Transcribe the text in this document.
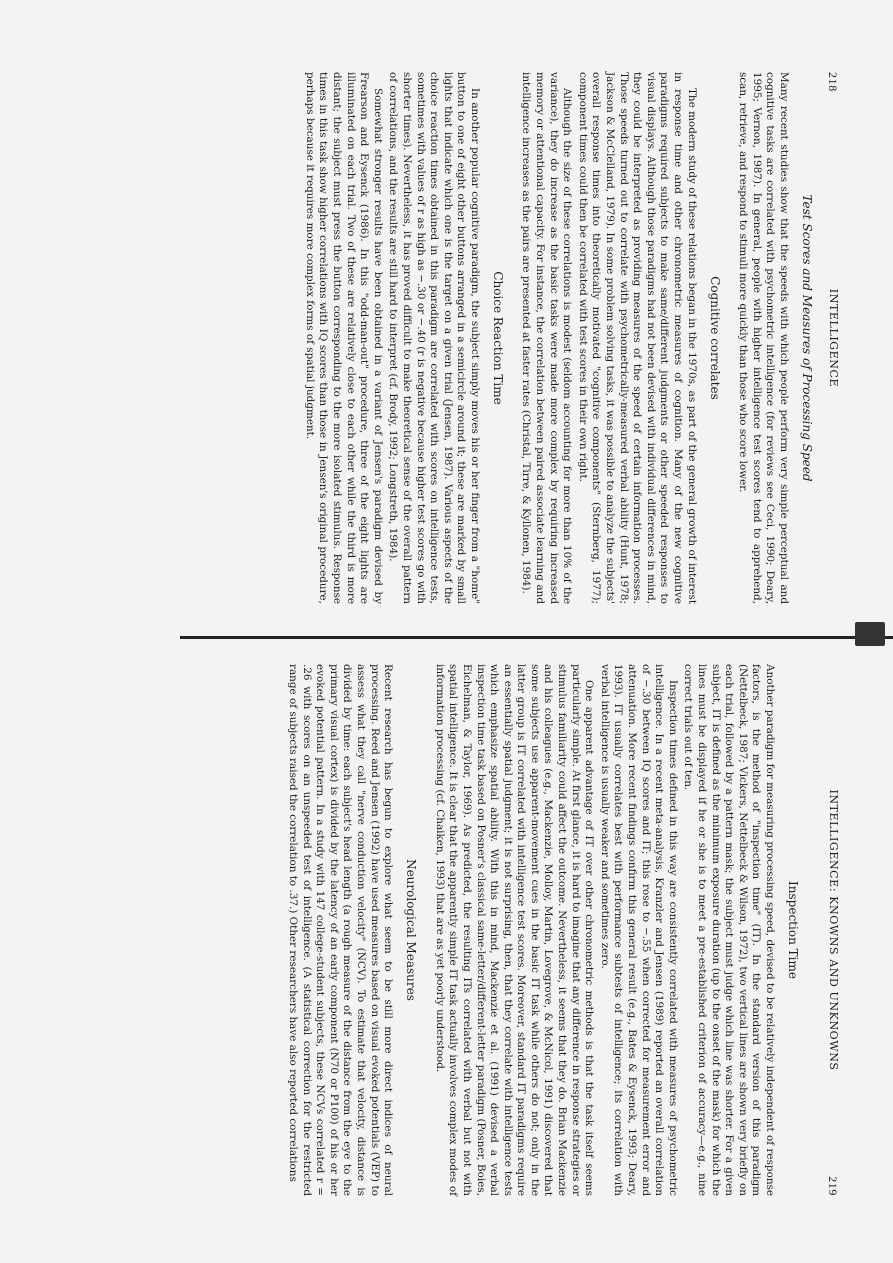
218
INTELLIGENCE
Test Scores and Measures of Processing Speed

Many recent studies show that the speeds with which people perform very simple perceptual and cognitive tasks are correlated with psychometric intelligence (for reviews see Ceci, 1990; Deary, 1995; Vernon, 1987). In general, people with higher intelligence test scores tend to apprehend, scan, retrieve, and respond to stimuli more quickly than those who score lower.

Cognitive correlates

The modern study of these relations began in the 1970s, as part of the general growth of interest in response time and other chronometric measures of cognition. Many of the new cognitive paradigms required subjects to make same/different judgments or other speeded responses to visual displays. Although those paradigms had not been devised with individual differences in mind, they could be interpreted as providing measures of the speed of certain information processes. Those speeds turned out to correlate with psychometrically-measured verbal ability (Hunt, 1978; Jackson & McClelland, 1979). In some problem solving tasks, it was possible to analyze the subjects' overall response times into theoretically motivated "cognitive components" (Sternberg, 1977); component times could then be correlated with test scores in their own right.

Although the size of these correlations is modest (seldom accounting for more than 10% of the variance), they do increase as the basic tasks were made more complex by requiring increased memory or attentional capacity. For instance, the correlation between paired associate learning and intelligence increases as the pairs are presented at faster rates (Christal, Tirre, & Kyllonen, 1984).

Choice Reaction Time

In another popular cognitive paradigm, the subject simply moves his or her finger from a "home" button to one of eight other buttons arranged in a semicircle around it; these are marked by small lights that indicate which one is the target on a given trial (Jensen, 1987). Various aspects of the choice reaction times obtained in this paradigm are correlated with scores on intelligence tests, sometimes with values of r as high as −.30 or −.40 (r is negative because higher test scores go with shorter times). Nevertheless, it has proved difficult to make theoretical sense of the overall pattern of correlations, and the results are still hard to interpret (cf. Brody, 1992; Longstreth, 1984).

Somewhat stronger results have been obtained in a variant of Jensen's paradigm devised by Frearson and Eysenck (1986). In this "odd-man-out" procedure, three of the eight lights are illuminated on each trial. Two of these are relatively close to each other while the third is more distant; the subject must press the button corresponding to the more isolated stimulus. Response times in this task show higher correlations with IQ scores than those in Jensen's original procedure, perhaps because it requires more complex forms of spatial judgment.

INTELLIGENCE: KNOWNS AND UNKNOWNS
219
Inspection Time

Another paradigm for measuring processing speed, devised to be relatively independent of response factors, is the method of "inspection time" (IT). In the standard version of this paradigm (Nettelbeck, 1987; Vickers, Nettelbeck & Wilson, 1972), two vertical lines are shown very briefly on each trial, followed by a pattern mask; the subject must judge which line was shorter. For a given subject, IT is defined as the minimum exposure duration (up to the onset of the mask) for which the lines must be displayed if he or she is to meet a pre-established criterion of accuracy—e.g., nine correct trials out of ten.

Inspection times defined in this way are consistently correlated with measures of psychometric intelligence. In a recent meta-analysis, Kranzler and Jensen (1989) reported an overall correlation of −.30 between IQ scores and IT; this rose to −.55 when corrected for measurement error and attenuation. More recent findings confirm this general result (e.g., Bates & Eysenck, 1993; Deary, 1993). IT usually correlates best with performance subtests of intelligence; its correlation with verbal intelligence is usually weaker and sometimes zero.

One apparent advantage of IT over other chronometric methods is that the task itself seems particularly simple. At first glance, it is hard to imagine that any difference in response strategies or stimulus familiarity could affect the outcome. Nevertheless, it seems that they do. Brian Mackenzie and his colleagues (e.g., Mackenzie, Molloy, Martin, Lovegrove, & McNicol, 1991) discovered that some subjects use apparent-movement cues in the basic IT task while others do not; only in the latter group is IT correlated with intelligence test scores. Moreover, standard IT paradigms require an essentially spatial judgment; it is not surprising, then, that they correlate with intelligence tests which emphasize spatial ability. With this in mind, Mackenzie et al. (1991) devised a verbal inspection time task based on Posner's classical same-letter/different-letter paradigm (Posner, Boies, Eichelman, & Taylor, 1969). As predicted, the resulting ITs correlated with verbal but not with spatial intelligence. It is clear that the apparently simple IT task actually involves complex modes of information processing (cf. Chaiken, 1993) that are as yet poorly understood.

Neurological Measures

Recent research has begun to explore what seem to be still more direct indices of neural processing. Reed and Jensen (1992) have used measures based on visual evoked potentials (VEP) to assess what they call "nerve conduction velocity" (NCV). To estimate that velocity, distance is divided by time: each subject's head length (a rough measure of the distance from the eye to the primary visual cortex) is divided by the latency of an early component (N70 or P100) of his or her evoked potential pattern. In a study with 147 college-student subjects, these NCVs correlated r = .26 with scores on an unspeeded test of intelligence. (A statistical correction for the restricted range of subjects raised the correlation to .37.) Other researchers have also reported correlations
